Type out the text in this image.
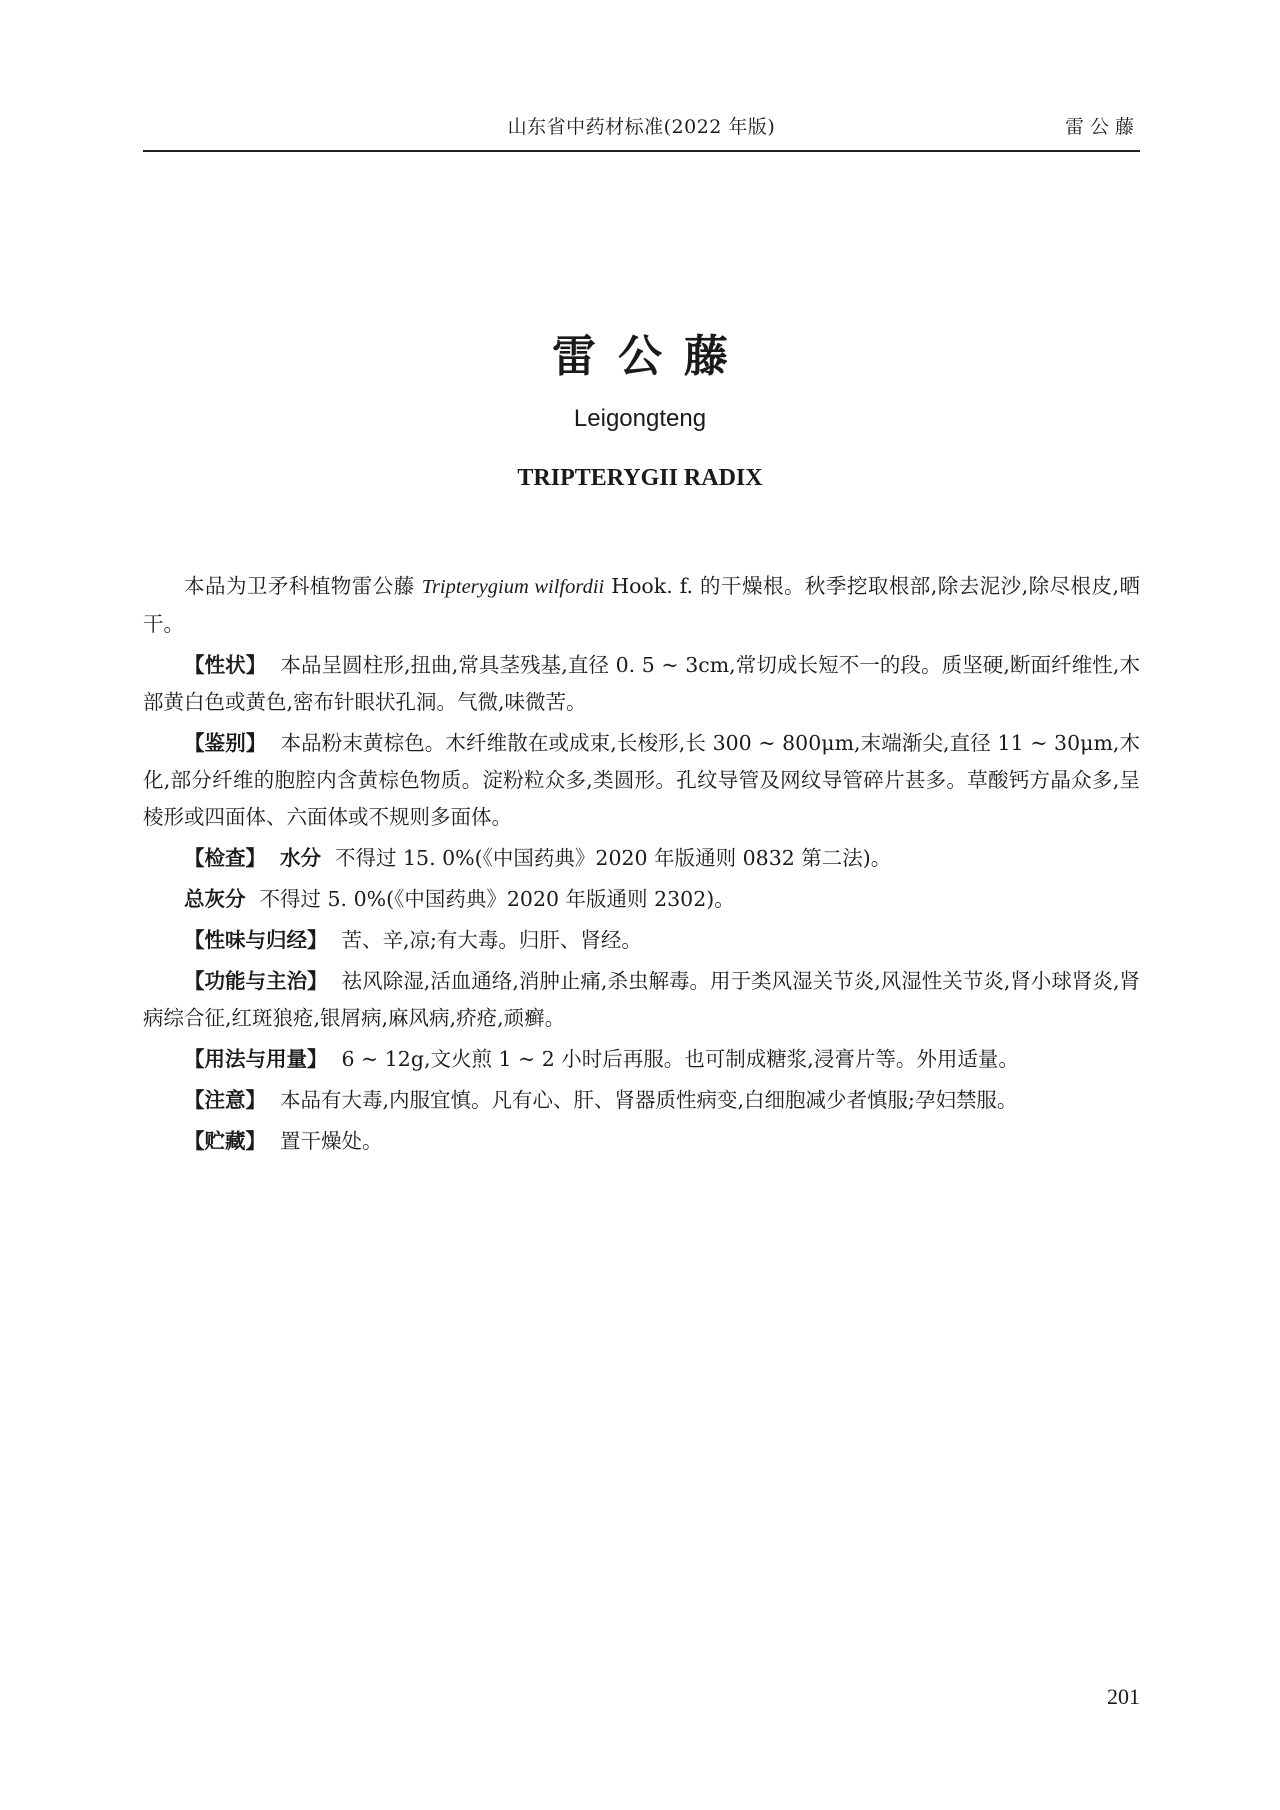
山东省中药材标准(2022 年版)	雷公藤
雷公藤
Leigongteng
TRIPTERYGII RADIX

本品为卫矛科植物雷公藤 Tripterygium wilfordii Hook. f. 的干燥根。秋季挖取根部,除去泥沙,除尽根皮,晒干。

【性状】 本品呈圆柱形,扭曲,常具茎残基,直径 0. 5 ~ 3cm,常切成长短不一的段。质坚硬,断面纤维性,木部黄白色或黄色,密布针眼状孔洞。气微,味微苦。

【鉴别】 本品粉末黄棕色。木纤维散在或成束,长梭形,长 300 ~ 800μm,末端渐尖,直径 11 ~ 30μm,木化,部分纤维的胞腔内含黄棕色物质。淀粉粒众多,类圆形。孔纹导管及网纹导管碎片甚多。草酸钙方晶众多,呈棱形或四面体、六面体或不规则多面体。

【检查】 水分 不得过 15. 0%(《中国药典》2020 年版通则 0832 第二法)。

总灰分 不得过 5. 0%(《中国药典》2020 年版通则 2302)。

【性味与归经】 苦、辛,凉;有大毒。归肝、肾经。

【功能与主治】 祛风除湿,活血通络,消肿止痛,杀虫解毒。用于类风湿关节炎,风湿性关节炎,肾小球肾炎,肾病综合征,红斑狼疮,银屑病,麻风病,疥疮,顽癣。

【用法与用量】 6 ~ 12g,文火煎 1 ~ 2 小时后再服。也可制成糖浆,浸膏片等。外用适量。

【注意】 本品有大毒,内服宜慎。凡有心、肝、肾器质性病变,白细胞减少者慎服;孕妇禁服。

【贮藏】 置干燥处。

201
